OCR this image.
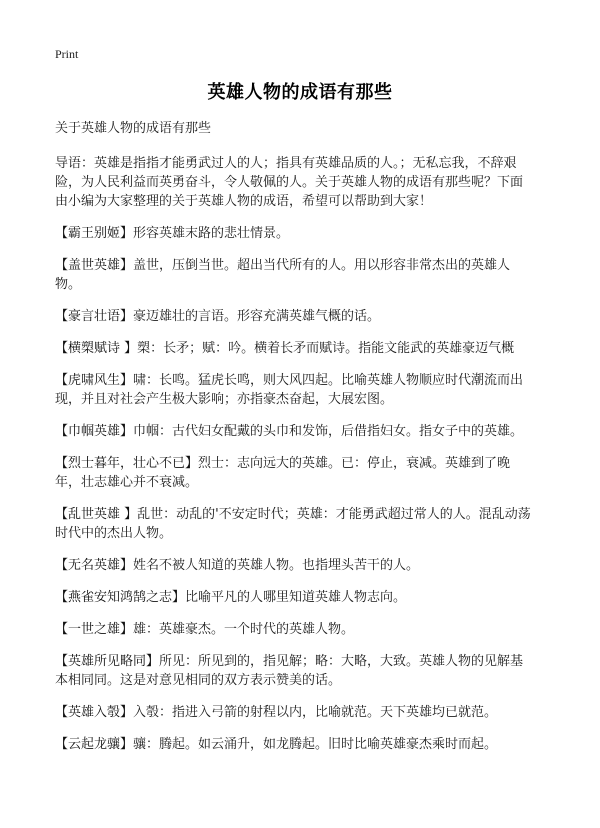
Print
英雄人物的成语有那些
关于英雄人物的成语有那些
导语：英雄是指指才能勇武过人的人；指具有英雄品质的人。；无私忘我，不辞艰险，为人民利益而英勇奋斗，令人敬佩的人。关于英雄人物的成语有那些呢？下面由小编为大家整理的关于英雄人物的成语，希望可以帮助到大家！
【霸王别姬】形容英雄末路的悲壮情景。
【盖世英雄】盖世，压倒当世。超出当代所有的人。用以形容非常杰出的英雄人物。
【豪言壮语】豪迈雄壮的言语。形容充满英雄气概的话。
【横槊赋诗 】槊：长矛；赋：吟。横着长矛而赋诗。指能文能武的英雄豪迈气概
【虎啸风生】啸：长鸣。猛虎长鸣，则大风四起。比喻英雄人物顺应时代潮流而出现，并且对社会产生极大影响；亦指豪杰奋起，大展宏图。
【巾帼英雄】巾帼：古代妇女配戴的头巾和发饰，后借指妇女。指女子中的英雄。
【烈士暮年，壮心不已】烈士：志向远大的英雄。已：停止，衰减。英雄到了晚年，壮志雄心并不衰减。
【乱世英雄 】乱世：动乱的'不安定时代；英雄：才能勇武超过常人的人。混乱动荡时代中的杰出人物。
【无名英雄】姓名不被人知道的英雄人物。也指埋头苦干的人。
【燕雀安知鸿鹄之志】比喻平凡的人哪里知道英雄人物志向。
【一世之雄】雄：英雄豪杰。一个时代的英雄人物。
【英雄所见略同】所见：所见到的，指见解；略：大略，大致。英雄人物的见解基本相同同。这是对意见相同的双方表示赞美的话。
【英雄入彀】入彀：指进入弓箭的射程以内，比喻就范。天下英雄均已就范。
【云起龙骧】骧：腾起。如云涌升，如龙腾起。旧时比喻英雄豪杰乘时而起。
